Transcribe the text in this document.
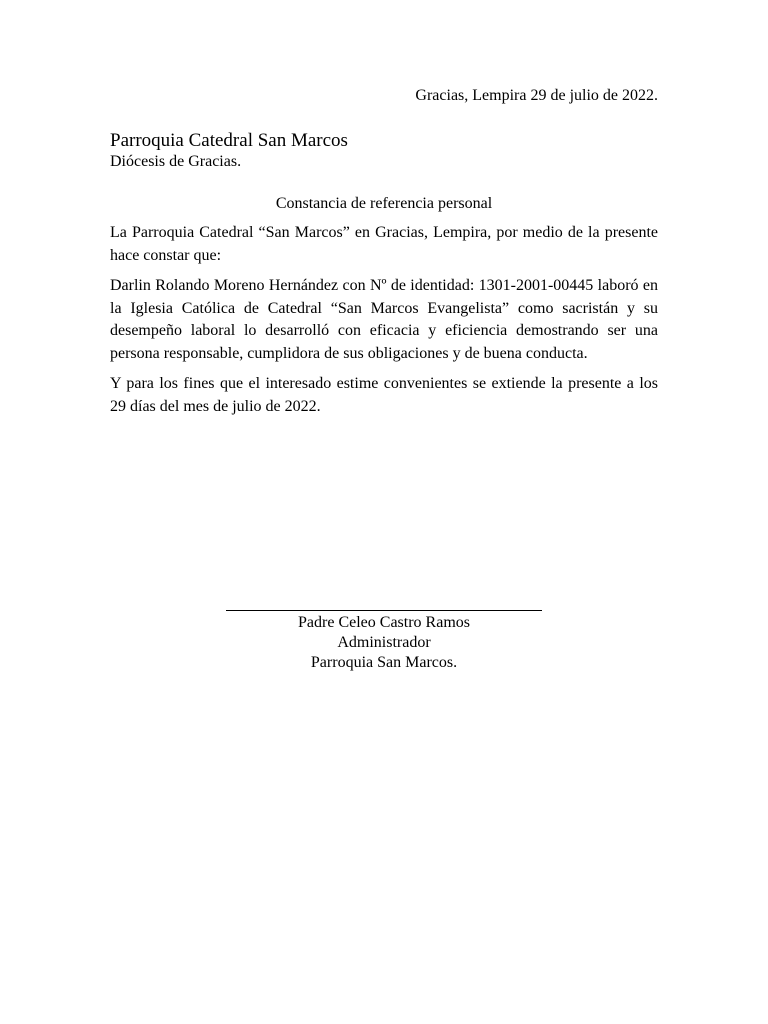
Gracias, Lempira 29 de julio de 2022.

Parroquia Catedral San Marcos

Diócesis de Gracias.

Constancia de referencia personal

La Parroquia Catedral “San Marcos” en Gracias, Lempira, por medio de la presente hace constar que:

Darlin Rolando Moreno Hernández con Nº de identidad: 1301-2001-00445 laboró en la Iglesia Católica de Catedral “San Marcos Evangelista” como sacristán y su desempeño laboral lo desarrolló con eficacia y eficiencia demostrando ser una persona responsable, cumplidora de sus obligaciones y de buena conducta.

Y para los fines que el interesado estime convenientes se extiende la presente a los 29 días del mes de julio de 2022.

Padre Celeo Castro Ramos

Administrador

Parroquia San Marcos.
